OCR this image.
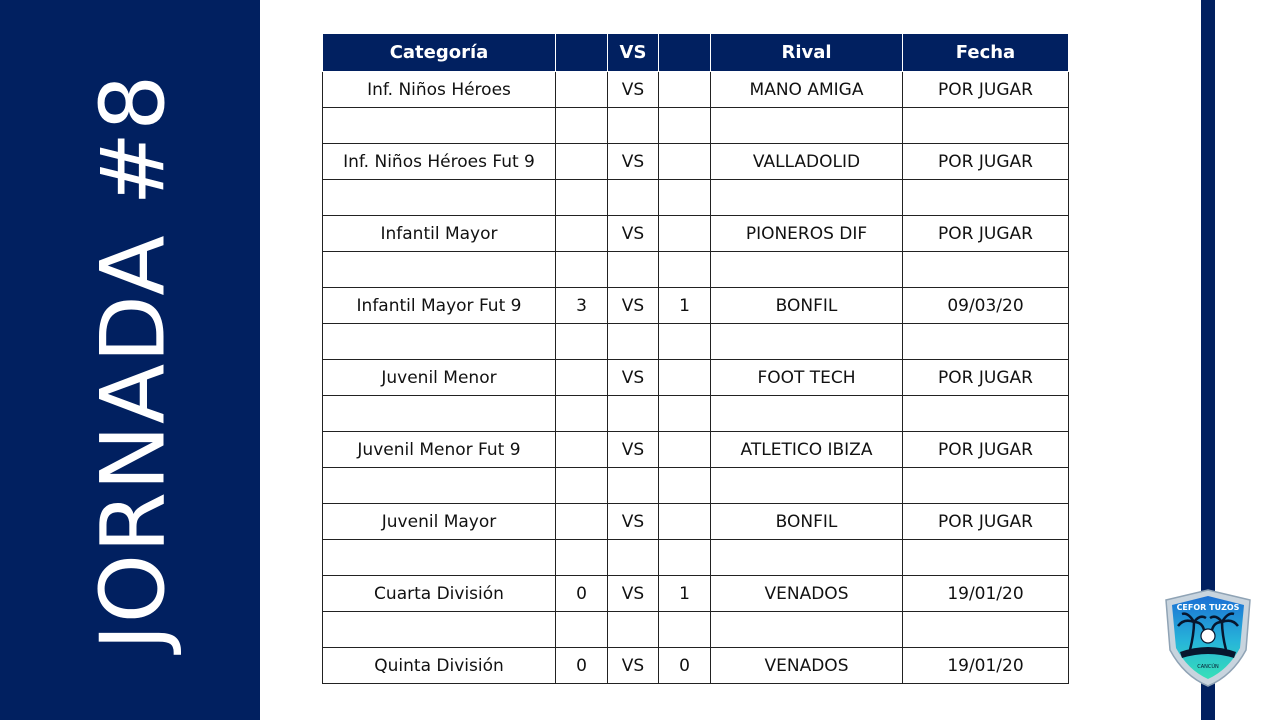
JORNADA #8
Categoría		VS		Rival	Fecha
Inf. Niños Héroes		VS		MANO AMIGA	POR JUGAR

Inf. Niños Héroes Fut 9		VS		VALLADOLID	POR JUGAR

Infantil Mayor		VS		PIONEROS DIF	POR JUGAR

Infantil Mayor Fut 9	3	VS	1	BONFIL	09/03/20

Juvenil Menor		VS		FOOT TECH	POR JUGAR

Juvenil Menor Fut 9		VS		ATLETICO IBIZA	POR JUGAR

Juvenil Mayor		VS		BONFIL	POR JUGAR

Cuarta División	0	VS	1	VENADOS	19/01/20

Quinta División	0	VS	0	VENADOS	19/01/20
CEFOR TUZOS
CANCÚN
